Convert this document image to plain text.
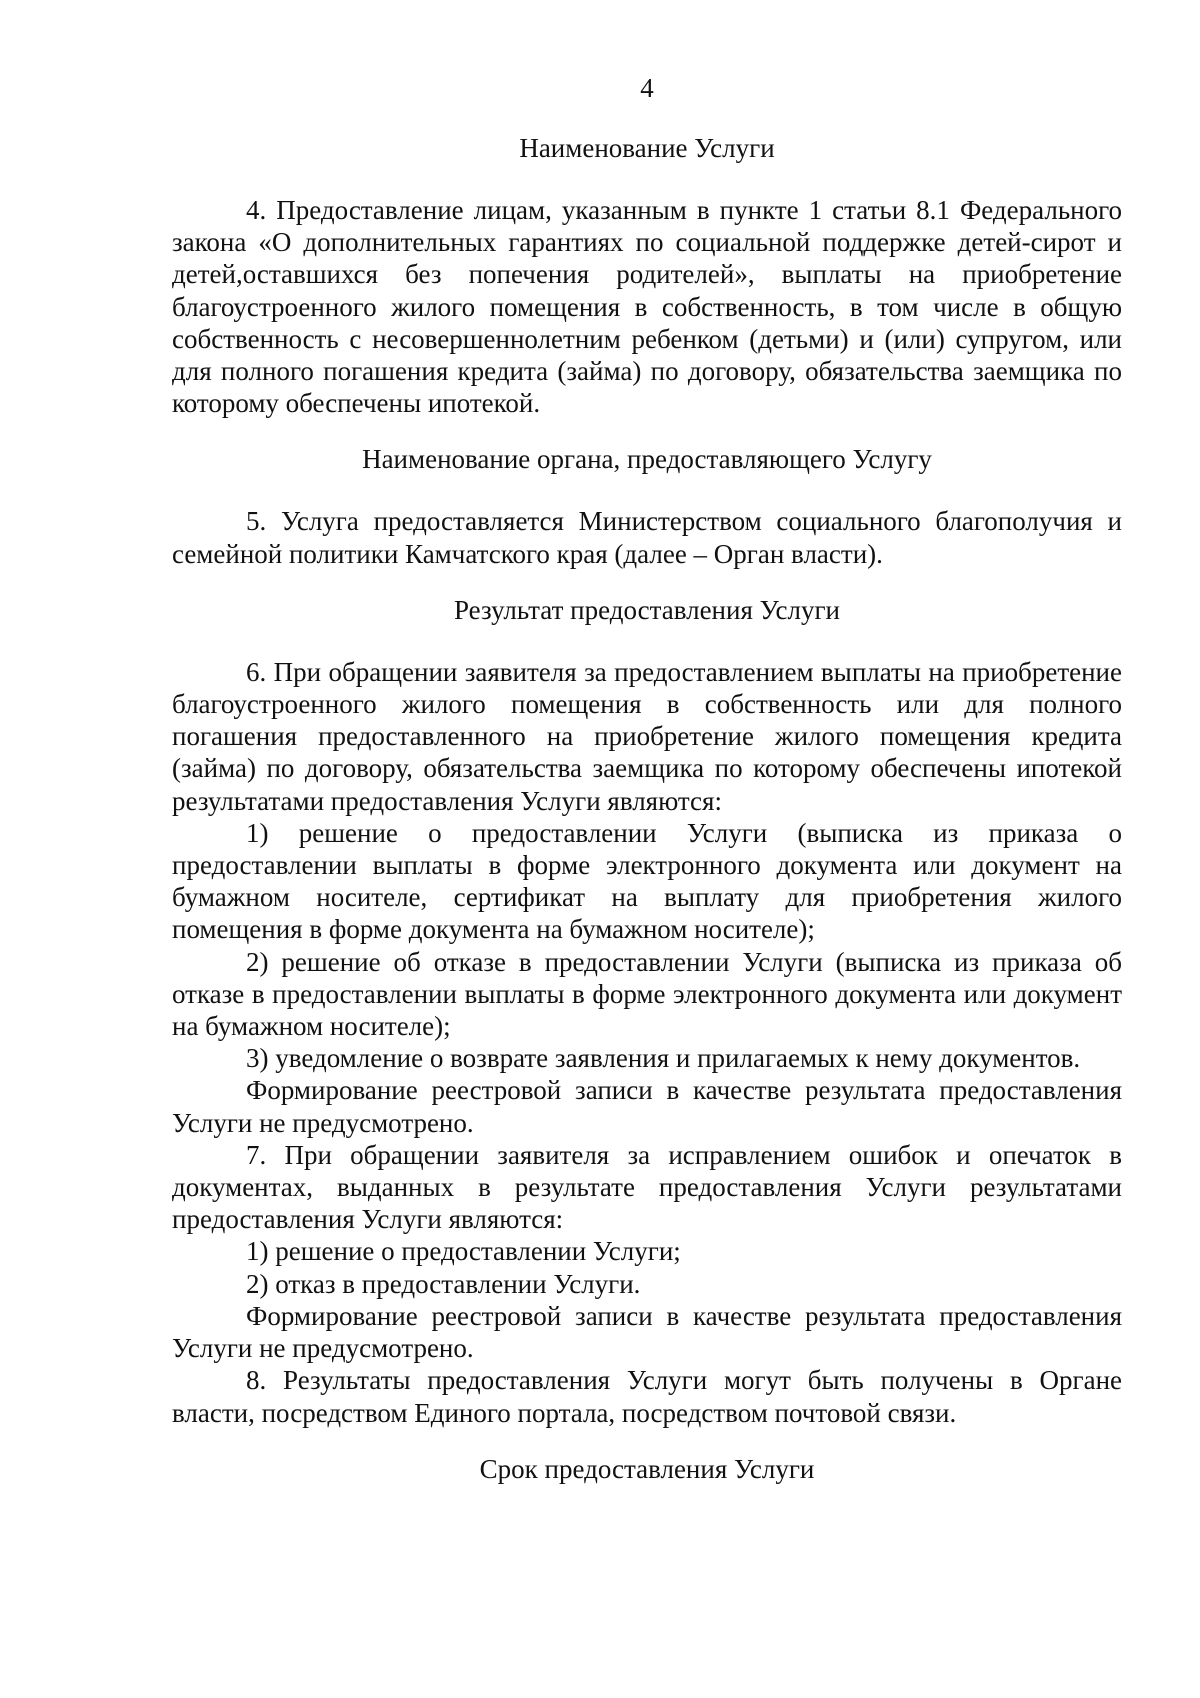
4
Наименование Услуги
4. Предоставление лицам, указанным в пункте 1 статьи 8.1 Федерального закона «О дополнительных гарантиях по социальной поддержке детей-сирот и детей,оставшихся без попечения родителей», выплаты на приобретение благоустроенного жилого помещения в собственность, в том числе в общую собственность с несовершеннолетним ребенком (детьми) и (или) супругом, или для полного погашения кредита (займа) по договору, обязательства заемщика по которому обеспечены ипотекой.
Наименование органа, предоставляющего Услугу
5. Услуга предоставляется Министерством социального благополучия и семейной политики Камчатского края (далее – Орган власти).
Результат предоставления Услуги
6. При обращении заявителя за предоставлением выплаты на приобретение благоустроенного жилого помещения в собственность или для полного погашения предоставленного на приобретение жилого помещения кредита (займа) по договору, обязательства заемщика по которому обеспечены ипотекой результатами предоставления Услуги являются:
1) решение о предоставлении Услуги (выписка из приказа о предоставлении выплаты в форме электронного документа или документ на бумажном носителе, сертификат на выплату для приобретения жилого помещения в форме документа на бумажном носителе);
2) решение об отказе в предоставлении Услуги (выписка из приказа об отказе в предоставлении выплаты в форме электронного документа или документ на бумажном носителе);
3) уведомление о возврате заявления и прилагаемых к нему документов.
Формирование реестровой записи в качестве результата предоставления Услуги не предусмотрено.
7. При обращении заявителя за исправлением ошибок и опечаток в документах, выданных в результате предоставления Услуги результатами предоставления Услуги являются:
1) решение о предоставлении Услуги;
2) отказ в предоставлении Услуги.
Формирование реестровой записи в качестве результата предоставления Услуги не предусмотрено.
8. Результаты предоставления Услуги могут быть получены в Органе власти, посредством Единого портала, посредством почтовой связи.
Срок предоставления Услуги
